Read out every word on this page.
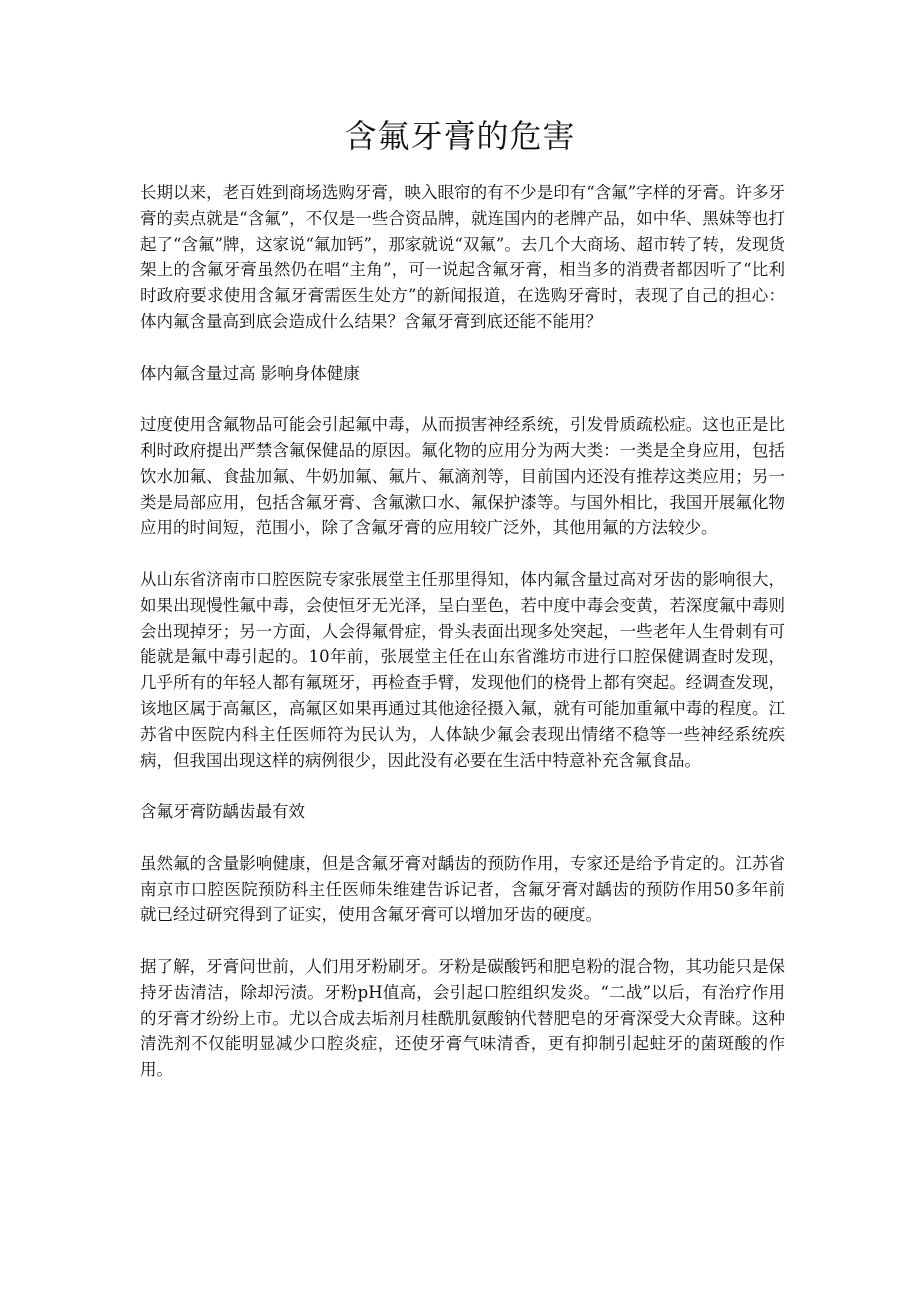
含氟牙膏的危害

长期以来，老百姓到商场选购牙膏，映入眼帘的有不少是印有“含氟”字样的牙膏。许多牙膏的卖点就是“含氟”，不仅是一些合资品牌，就连国内的老牌产品，如中华、黑妹等也打起了“含氟”牌，这家说“氟加钙”，那家就说“双氟”。去几个大商场、超市转了转，发现货架上的含氟牙膏虽然仍在唱“主角”，可一说起含氟牙膏，相当多的消费者都因听了“比利时政府要求使用含氟牙膏需医生处方”的新闻报道，在选购牙膏时，表现了自己的担心：体内氟含量高到底会造成什么结果？含氟牙膏到底还能不能用？

体内氟含量过高 影响身体健康

过度使用含氟物品可能会引起氟中毒，从而损害神经系统，引发骨质疏松症。这也正是比利时政府提出严禁含氟保健品的原因。氟化物的应用分为两大类：一类是全身应用，包括饮水加氟、食盐加氟、牛奶加氟、氟片、氟滴剂等，目前国内还没有推荐这类应用；另一类是局部应用，包括含氟牙膏、含氟漱口水、氟保护漆等。与国外相比，我国开展氟化物应用的时间短，范围小，除了含氟牙膏的应用较广泛外，其他用氟的方法较少。

从山东省济南市口腔医院专家张展堂主任那里得知，体内氟含量过高对牙齿的影响很大，如果出现慢性氟中毒，会使恒牙无光泽，呈白垩色，若中度中毒会变黄，若深度氟中毒则会出现掉牙；另一方面，人会得氟骨症，骨头表面出现多处突起，一些老年人生骨刺有可能就是氟中毒引起的。10年前，张展堂主任在山东省潍坊市进行口腔保健调查时发现，几乎所有的年轻人都有氟斑牙，再检查手臂，发现他们的桡骨上都有突起。经调查发现，该地区属于高氟区，高氟区如果再通过其他途径摄入氟，就有可能加重氟中毒的程度。江苏省中医院内科主任医师符为民认为，人体缺少氟会表现出情绪不稳等一些神经系统疾病，但我国出现这样的病例很少，因此没有必要在生活中特意补充含氟食品。

含氟牙膏防龋齿最有效

虽然氟的含量影响健康，但是含氟牙膏对龋齿的预防作用，专家还是给予肯定的。江苏省南京市口腔医院预防科主任医师朱维建告诉记者，含氟牙膏对龋齿的预防作用50多年前就已经过研究得到了证实，使用含氟牙膏可以增加牙齿的硬度。

据了解，牙膏问世前，人们用牙粉刷牙。牙粉是碳酸钙和肥皂粉的混合物，其功能只是保持牙齿清洁，除却污渍。牙粉pH值高，会引起口腔组织发炎。“二战”以后，有治疗作用的牙膏才纷纷上市。尤以合成去垢剂月桂酰肌氨酸钠代替肥皂的牙膏深受大众青睐。这种清洗剂不仅能明显减少口腔炎症，还使牙膏气味清香，更有抑制引起蛀牙的菌斑酸的作用。
